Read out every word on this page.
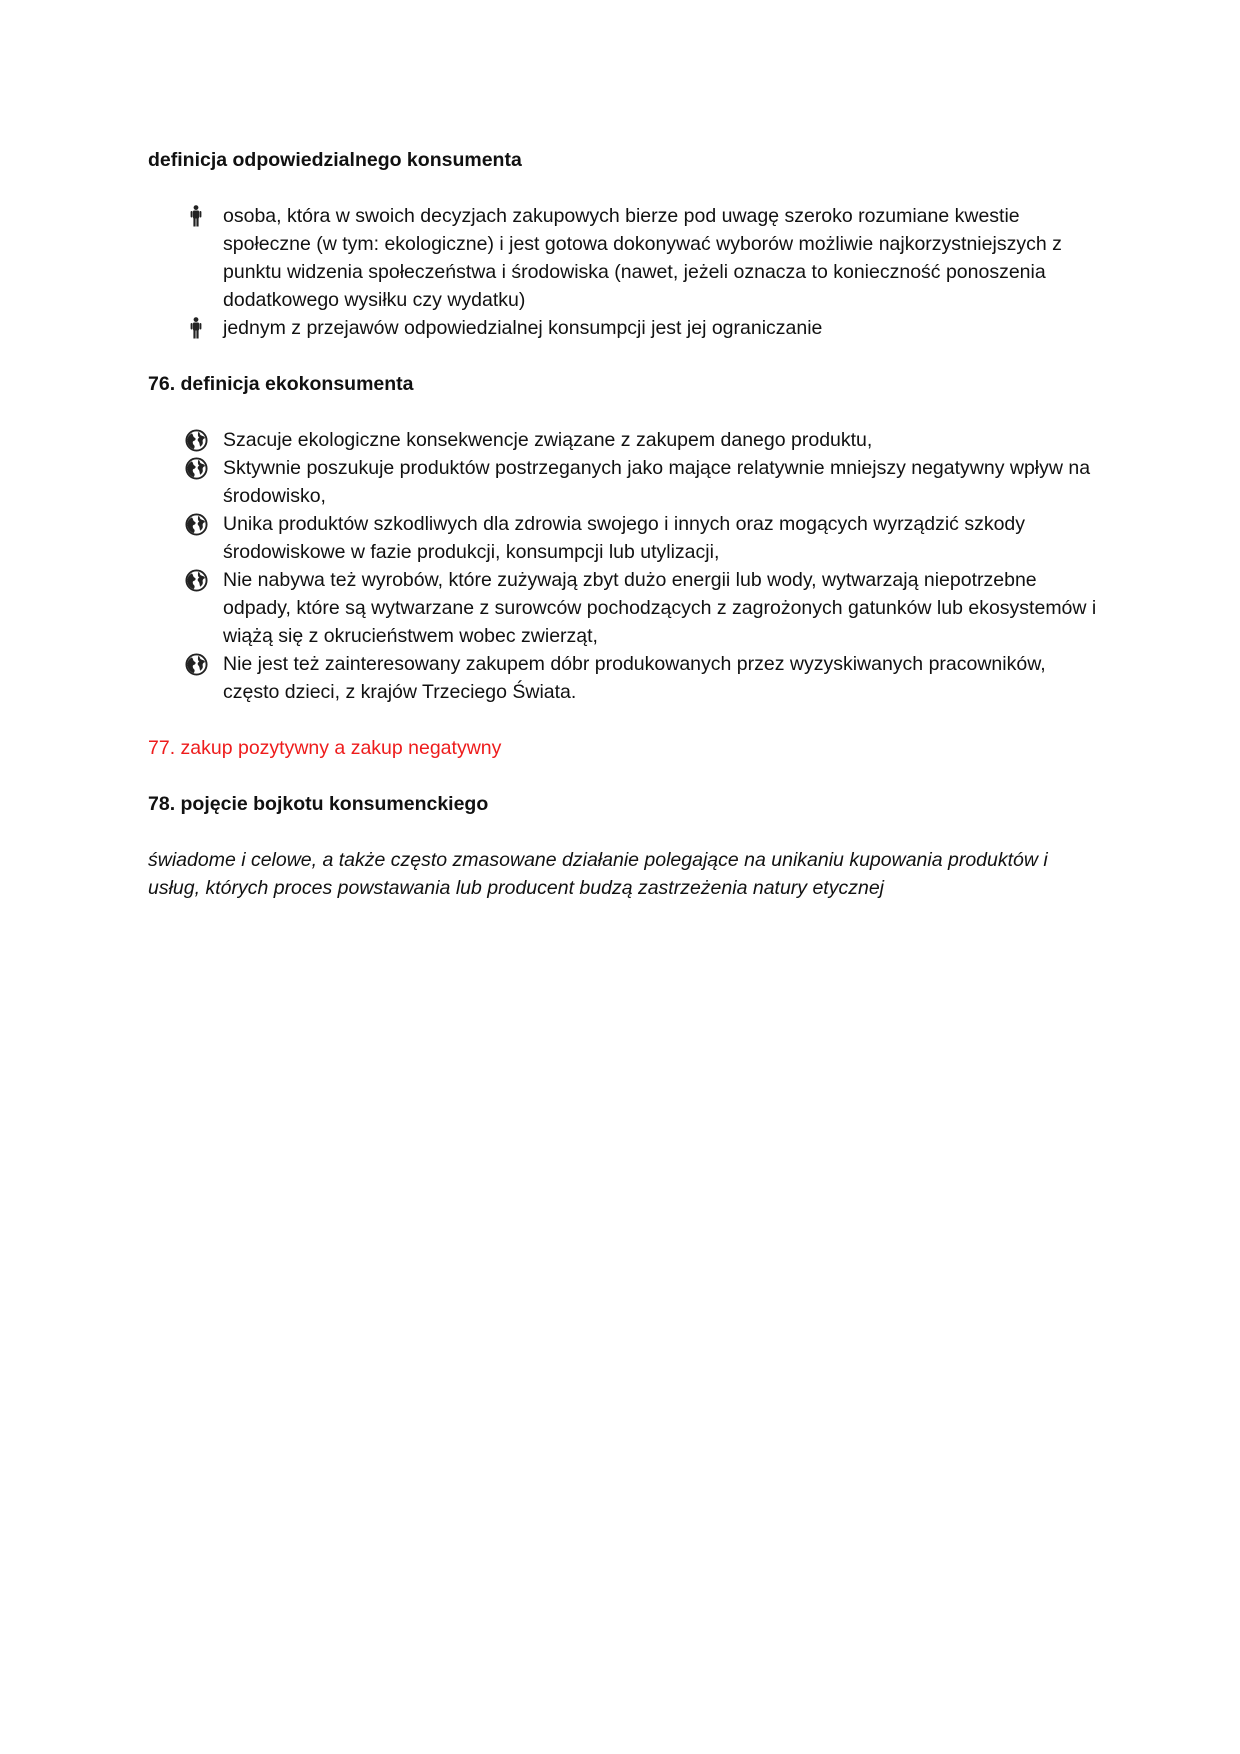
definicja odpowiedzialnego konsumenta

osoba, która w swoich decyzjach zakupowych bierze pod uwagę szeroko rozumiane kwestie społeczne (w tym: ekologiczne) i jest gotowa dokonywać wyborów możliwie najkorzystniejszych z punktu widzenia społeczeństwa i środowiska (nawet, jeżeli oznacza to konieczność ponoszenia dodatkowego wysiłku czy wydatku)
jednym z przejawów odpowiedzialnej konsumpcji jest jej ograniczanie

76. definicja ekokonsumenta

Szacuje ekologiczne konsekwencje związane z zakupem danego produktu,
Sktywnie poszukuje produktów postrzeganych jako mające relatywnie mniejszy negatywny wpływ na środowisko,
Unika produktów szkodliwych dla zdrowia swojego i innych oraz mogących wyrządzić szkody środowiskowe w fazie produkcji, konsumpcji lub utylizacji,
Nie nabywa też wyrobów, które zużywają zbyt dużo energii lub wody, wytwarzają niepotrzebne odpady, które są wytwarzane z surowców pochodzących z zagrożonych gatunków lub ekosystemów i wiążą się z okrucieństwem wobec zwierząt,
Nie jest też zainteresowany zakupem dóbr produkowanych przez wyzyskiwanych pracowników, często dzieci, z krajów Trzeciego Świata.

77. zakup pozytywny a zakup negatywny

78. pojęcie bojkotu konsumenckiego

świadome i celowe, a także często zmasowane działanie polegające na unikaniu kupowania produktów i usług, których proces powstawania lub producent budzą zastrzeżenia natury etycznej
